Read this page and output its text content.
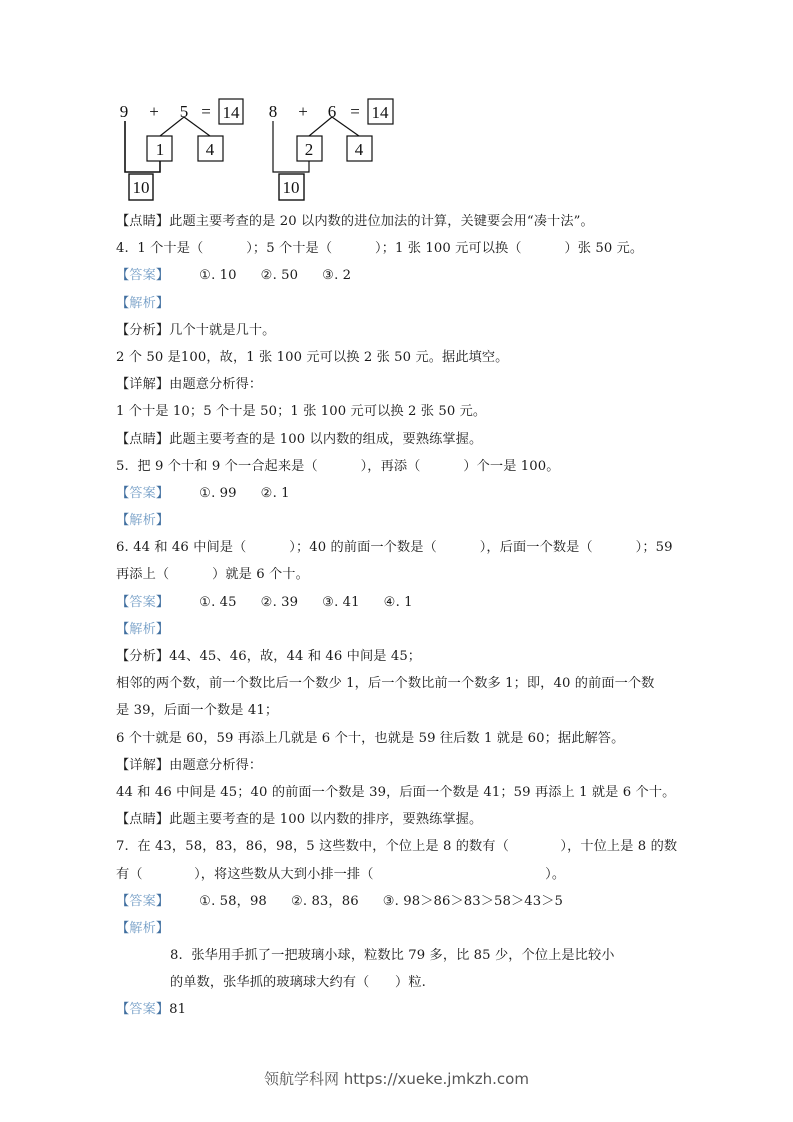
9 + 5 = 14
1 4
10
8 + 6 = 14
2 4
10
【点睛】此题主要考查的是 20 以内数的进位加法的计算，关键要会用“凑十法”。
4.  1 个十是（          ）；5 个十是（          ）；1 张 100 元可以换（          ）张 50 元。
【答案】 ①. 10 ②. 50 ③. 2
【解析】
【分析】几个十就是几十。
2 个 50 是100，故，1 张 100 元可以换 2 张 50 元。据此填空。
【详解】由题意分析得：
1 个十是 10；5 个十是 50；1 张 100 元可以换 2 张 50 元。
【点睛】此题主要考查的是 100 以内数的组成，要熟练掌握。
5.  把 9 个十和 9 个一合起来是（          ），再添（          ）个一是 100。
【答案】 ①. 99 ②. 1
【解析】
6. 44 和 46 中间是（          ）；40 的前面一个数是（          ），后面一个数是（          ）；59
再添上（          ）就是 6 个十。
【答案】 ①. 45 ②. 39 ③. 41 ④. 1
【解析】
【分析】44、45、46，故，44 和 46 中间是 45；
相邻的两个数，前一个数比后一个数少 1，后一个数比前一个数多 1；即，40 的前面一个数
是 39，后面一个数是 41；
6 个十就是 60，59 再添上几就是 6 个十，也就是 59 往后数 1 就是 60；据此解答。
【详解】由题意分析得：
44 和 46 中间是 45；40 的前面一个数是 39，后面一个数是 41；59 再添上 1 就是 6 个十。
【点睛】此题主要考查的是 100 以内数的排序，要熟练掌握。
7.  在 43，58，83，86，98，5 这些数中，个位上是 8 的数有（            ），十位上是 8 的数
有（            ），将这些数从大到小排一排（                                        ）。
【答案】 ①. 58，98 ②. 83，86 ③. 98＞86＞83＞58＞43＞5
【解析】
8.  张华用手抓了一把玻璃小球，粒数比 79 多，比 85 少，个位上是比较小
的单数，张华抓的玻璃球大约有（      ）粒.
【答案】81
领航学科网 https://xueke.jmkzh.com
